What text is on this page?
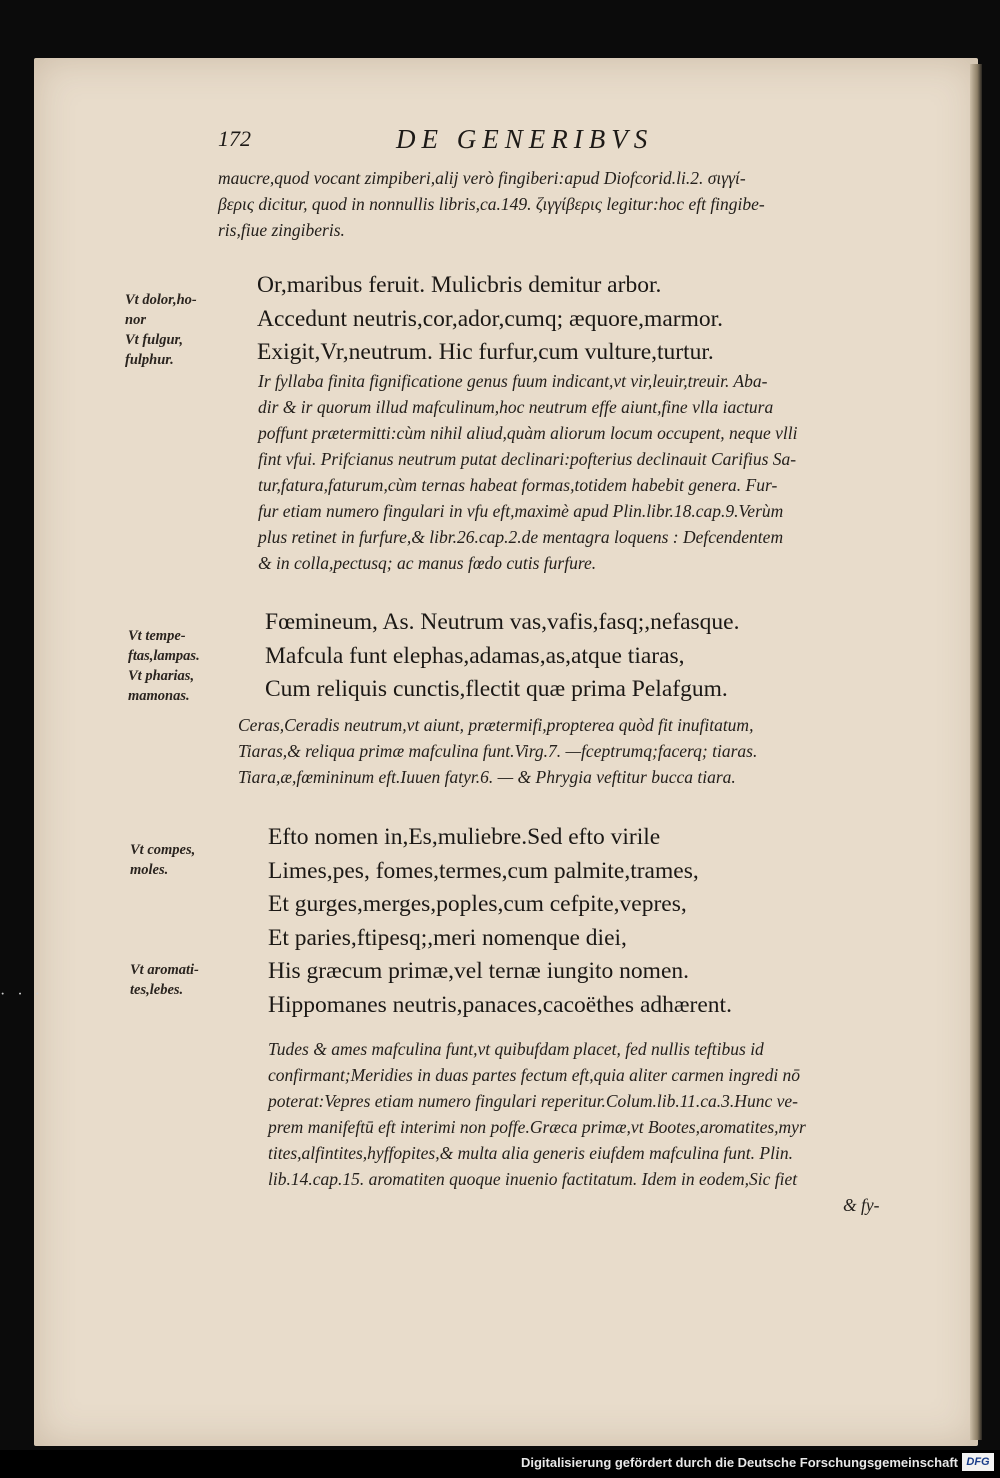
···
172	DE GENERIBVS
maucre,quod vocant zimpiberi,alij verò fingiberi:apud Diofcorid.li.2. σιγγί-
βερις dicitur, quod in nonnullis libris,ca.149. ζιγγίβερις legitur:hoc eft fingibe-
ris,fiue zingiberis.
Vt dolor,ho-
nor
Vt fulgur,
fulphur.
Or,maribus feruit. Mulicbris demitur arbor.
Accedunt neutris,cor,ador,cumq; æquore,marmor.
Exigit,Vr,neutrum. Hic furfur,cum vulture,turtur.
Ir fyllaba finita fignificatione genus fuum indicant,vt vir,leuir,treuir. Aba-
dir & ir quorum illud mafculinum,hoc neutrum effe aiunt,fine vlla iactura
poffunt prætermitti:cùm nihil aliud,quàm aliorum locum occupent, neque vlli
fint vfui. Prifcianus neutrum putat declinari:pofterius declinauit Carifius Sa-
tur,fatura,faturum,cùm ternas habeat formas,totidem habebit genera. Fur-
fur etiam numero fingulari in vfu eft,maximè apud Plin.libr.18.cap.9.Verùm
plus retinet in furfure,& libr.26.cap.2.de mentagra loquens : Defcendentem
& in colla,pectusq; ac manus fœdo cutis furfure.
Vt tempe-
ftas,lampas.
Vt pharias,
mamonas.
Fœmineum, As. Neutrum vas,vafis,fasq;,nefasque.
Mafcula funt elephas,adamas,as,atque tiaras,
Cum reliquis cunctis,flectit quæ prima Pelafgum.
Ceras,Ceradis neutrum,vt aiunt, prætermifi,propterea quòd fit inufitatum,
Tiaras,& reliqua primæ mafculina funt.Virg.7. —fceptrumq;facerq; tiaras.
Tiara,æ,fœmininum eft.Iuuen fatyr.6. — & Phrygia veftitur bucca tiara.
Vt compes,
moles.
Vt aromati-
tes,lebes.
Efto nomen in,Es,muliebre.Sed efto virile
Limes,pes, fomes,termes,cum palmite,trames,
Et gurges,merges,poples,cum cefpite,vepres,
Et paries,ftipesq;,meri nomenque diei,
His græcum primæ,vel ternæ iungito nomen.
Hippomanes neutris,panaces,cacoëthes adhærent.
Tudes & ames mafculina funt,vt quibufdam placet, fed nullis teftibus id
confirmant;Meridies in duas partes fectum eft,quia aliter carmen ingredi nō
poterat:Vepres etiam numero fingulari reperitur.Colum.lib.11.ca.3.Hunc ve-
prem manifeftū eft interimi non poffe.Græca primæ,vt Bootes,aromatites,myr
tites,alfintites,hyffopites,& multa alia generis eiufdem mafculina funt. Plin.
lib.14.cap.15. aromatiten quoque inuenio factitatum. Idem in eodem,Sic fiet
& fy-
Digitalisierung gefördert durch die Deutsche Forschungsgemeinschaft DFG
